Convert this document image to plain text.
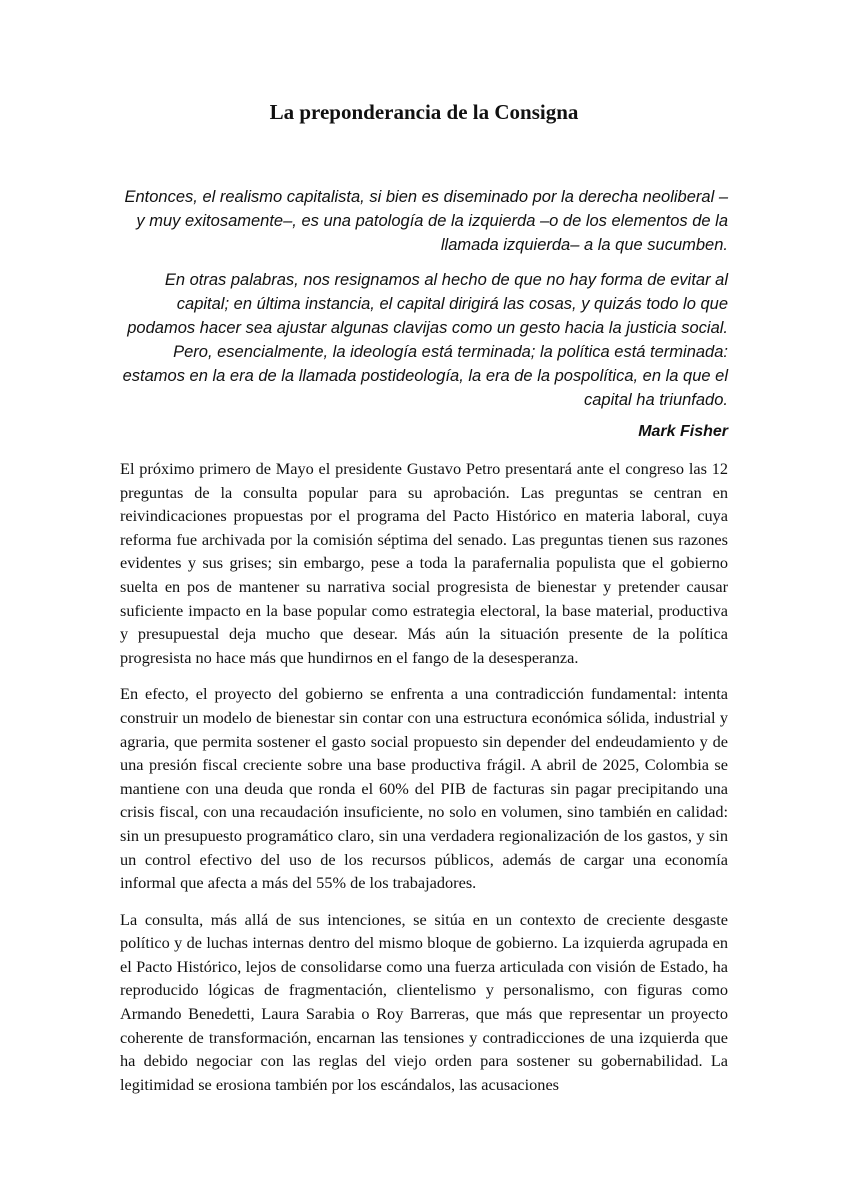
La preponderancia de la Consigna

Entonces, el realismo capitalista, si bien es diseminado por la derecha neoliberal –y muy exitosamente–, es una patología de la izquierda –o de los elementos de la llamada izquierda– a la que sucumben.

En otras palabras, nos resignamos al hecho de que no hay forma de evitar al capital; en última instancia, el capital dirigirá las cosas, y quizás todo lo que podamos hacer sea ajustar algunas clavijas como un gesto hacia la justicia social. Pero, esencialmente, la ideología está terminada; la política está terminada: estamos en la era de la llamada postideología, la era de la pospolítica, en la que el capital ha triunfado.

Mark Fisher

El próximo primero de Mayo el presidente Gustavo Petro presentará ante el congreso las 12 preguntas de la consulta popular para su aprobación. Las preguntas se centran en reivindicaciones propuestas por el programa del Pacto Histórico en materia laboral, cuya reforma fue archivada por la comisión séptima del senado. Las preguntas tienen sus razones evidentes y sus grises; sin embargo, pese a toda la parafernalia populista que el gobierno suelta en pos de mantener su narrativa social progresista de bienestar y pretender causar suficiente impacto en la base popular como estrategia electoral, la base material, productiva y presupuestal deja mucho que desear. Más aún la situación presente de la política progresista no hace más que hundirnos en el fango de la desesperanza.

En efecto, el proyecto del gobierno se enfrenta a una contradicción fundamental: intenta construir un modelo de bienestar sin contar con una estructura económica sólida, industrial y agraria, que permita sostener el gasto social propuesto sin depender del endeudamiento y de una presión fiscal creciente sobre una base productiva frágil. A abril de 2025, Colombia se mantiene con una deuda que ronda el 60% del PIB de facturas sin pagar precipitando una crisis fiscal, con una recaudación insuficiente, no solo en volumen, sino también en calidad: sin un presupuesto programático claro, sin una verdadera regionalización de los gastos, y sin un control efectivo del uso de los recursos públicos, además de cargar una economía informal que afecta a más del 55% de los trabajadores.

La consulta, más allá de sus intenciones, se sitúa en un contexto de creciente desgaste político y de luchas internas dentro del mismo bloque de gobierno. La izquierda agrupada en el Pacto Histórico, lejos de consolidarse como una fuerza articulada con visión de Estado, ha reproducido lógicas de fragmentación, clientelismo y personalismo, con figuras como Armando Benedetti, Laura Sarabia o Roy Barreras, que más que representar un proyecto coherente de transformación, encarnan las tensiones y contradicciones de una izquierda que ha debido negociar con las reglas del viejo orden para sostener su gobernabilidad. La legitimidad se erosiona también por los escándalos, las acusaciones
